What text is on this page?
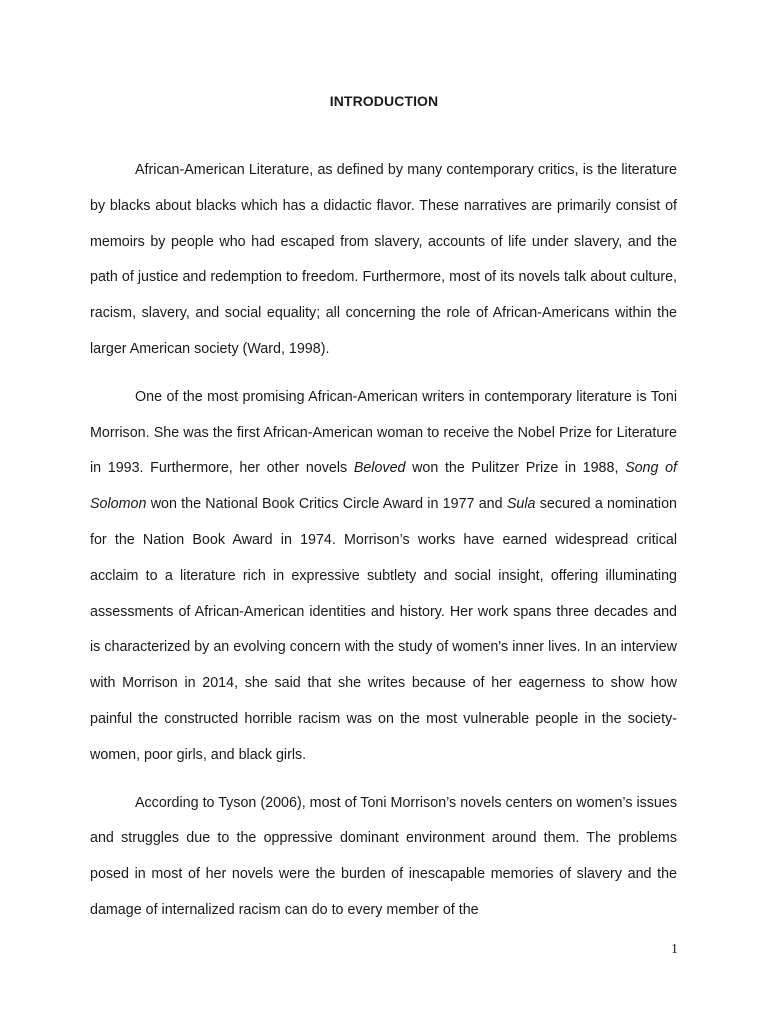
INTRODUCTION

African-American Literature, as defined by many contemporary critics, is the literature by blacks about blacks which has a didactic flavor. These narratives are primarily consist of memoirs by people who had escaped from slavery, accounts of life under slavery, and the path of justice and redemption to freedom. Furthermore, most of its novels talk about culture, racism, slavery, and social equality; all concerning the role of African-Americans within the larger American society (Ward, 1998).

One of the most promising African-American writers in contemporary literature is Toni Morrison. She was the first African-American woman to receive the Nobel Prize for Literature in 1993. Furthermore, her other novels Beloved won the Pulitzer Prize in 1988, Song of Solomon won the National Book Critics Circle Award in 1977 and Sula secured a nomination for the Nation Book Award in 1974. Morrison’s works have earned widespread critical acclaim to a literature rich in expressive subtlety and social insight, offering illuminating assessments of African-American identities and history. Her work spans three decades and is characterized by an evolving concern with the study of women's inner lives. In an interview with Morrison in 2014, she said that she writes because of her eagerness to show how painful the constructed horrible racism was on the most vulnerable people in the society- women, poor girls, and black girls.

According to Tyson (2006), most of Toni Morrison’s novels centers on women’s issues and struggles due to the oppressive dominant environment around them. The problems posed in most of her novels were the burden of inescapable memories of slavery and the damage of internalized racism can do to every member of the

1
